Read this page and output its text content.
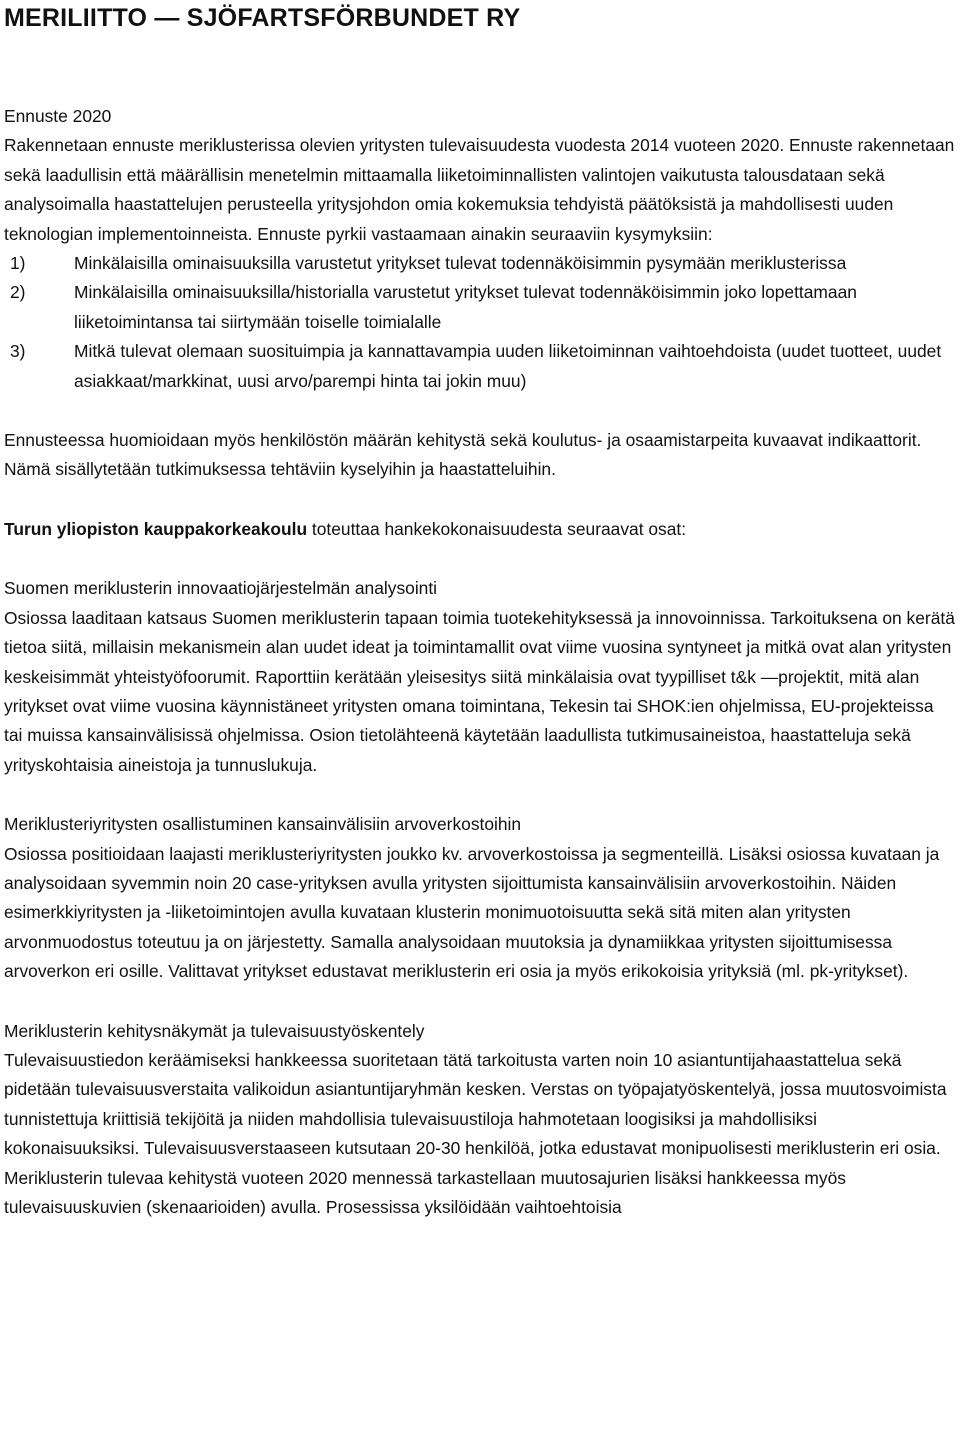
MERILIITTO — SJÖFARTSFÖRBUNDET RY

Ennuste 2020

Rakennetaan ennuste meriklusterissa olevien yritysten tulevaisuudesta vuodesta 2014 vuoteen 2020. Ennuste rakennetaan sekä laadullisin että määrällisin menetelmin mittaamalla liiketoiminnallisten valintojen vaikutusta talousdataan sekä analysoimalla haastattelujen perusteella yritysjohdon omia kokemuksia tehdyistä päätöksistä ja mahdollisesti uuden teknologian implementoinneista. Ennuste pyrkii vastaamaan ainakin seuraaviin kysymyksiin:

1)	Minkälaisilla ominaisuuksilla varustetut yritykset tulevat todennäköisimmin pysymään meriklusterissa
2)	Minkälaisilla ominaisuuksilla/historialla varustetut yritykset tulevat todennäköisimmin joko lopettamaan liiketoimintansa tai siirtymään toiselle toimialalle
3)	Mitkä tulevat olemaan suosituimpia ja kannattavampia uuden liiketoiminnan vaihtoehdoista (uudet tuotteet, uudet asiakkaat/markkinat, uusi arvo/parempi hinta tai jokin muu)

Ennusteessa huomioidaan myös henkilöstön määrän kehitystä sekä koulutus- ja osaamistarpeita kuvaavat indikaattorit. Nämä sisällytetään tutkimuksessa tehtäviin kyselyihin ja haastatteluihin.

Turun yliopiston kauppakorkeakoulu toteuttaa hankekokonaisuudesta seuraavat osat:

Suomen meriklusterin innovaatiojärjestelmän analysointi

Osiossa laaditaan katsaus Suomen meriklusterin tapaan toimia tuotekehityksessä ja innovoinnissa. Tarkoituksena on kerätä tietoa siitä, millaisin mekanismein alan uudet ideat ja toimintamallit ovat viime vuosina syntyneet ja mitkä ovat alan yritysten keskeisimmät yhteistyöfoorumit. Raporttiin kerätään yleisesitys siitä minkälaisia ovat tyypilliset t&k —projektit, mitä alan yritykset ovat viime vuosina käynnistäneet yritysten omana toimintana, Tekesin tai SHOK:ien ohjelmissa, EU-projekteissa tai muissa kansainvälisissä ohjelmissa. Osion tietolähteenä käytetään laadullista tutkimusaineistoa, haastatteluja sekä yrityskohtaisia aineistoja ja tunnuslukuja.

Meriklusteriyritysten osallistuminen kansainvälisiin arvoverkostoihin

Osiossa positioidaan laajasti meriklusteriyritysten joukko kv. arvoverkostoissa ja segmenteillä. Lisäksi osiossa kuvataan ja analysoidaan syvemmin noin 20 case-yrityksen avulla yritysten sijoittumista kansainvälisiin arvoverkostoihin. Näiden esimerkkiyritysten ja -liiketoimintojen avulla kuvataan klusterin monimuotoisuutta sekä sitä miten alan yritysten arvonmuodostus toteutuu ja on järjestetty. Samalla analysoidaan muutoksia ja dynamiikkaa yritysten sijoittumisessa arvoverkon eri osille. Valittavat yritykset edustavat meriklusterin eri osia ja myös erikokoisia yrityksiä (ml. pk-yritykset).

Meriklusterin kehitysnäkymät ja tulevaisuustyöskentely

Tulevaisuustiedon keräämiseksi hankkeessa suoritetaan tätä tarkoitusta varten noin 10 asiantuntijahaastattelua sekä pidetään tulevaisuusverstaita valikoidun asiantuntijaryhmän kesken. Verstas on työpajatyöskentelyä, jossa muutosvoimista tunnistettuja kriittisiä tekijöitä ja niiden mahdollisia tulevaisuustiloja hahmotetaan loogisiksi ja mahdollisiksi kokonaisuuksiksi. Tulevaisuusverstaaseen kutsutaan 20-30 henkilöä, jotka edustavat monipuolisesti meriklusterin eri osia. Meriklusterin tulevaa kehitystä vuoteen 2020 mennessä tarkastellaan muutosajurien lisäksi hankkeessa myös tulevaisuuskuvien (skenaarioiden) avulla. Prosessissa yksilöidään vaihtoehtoisia
